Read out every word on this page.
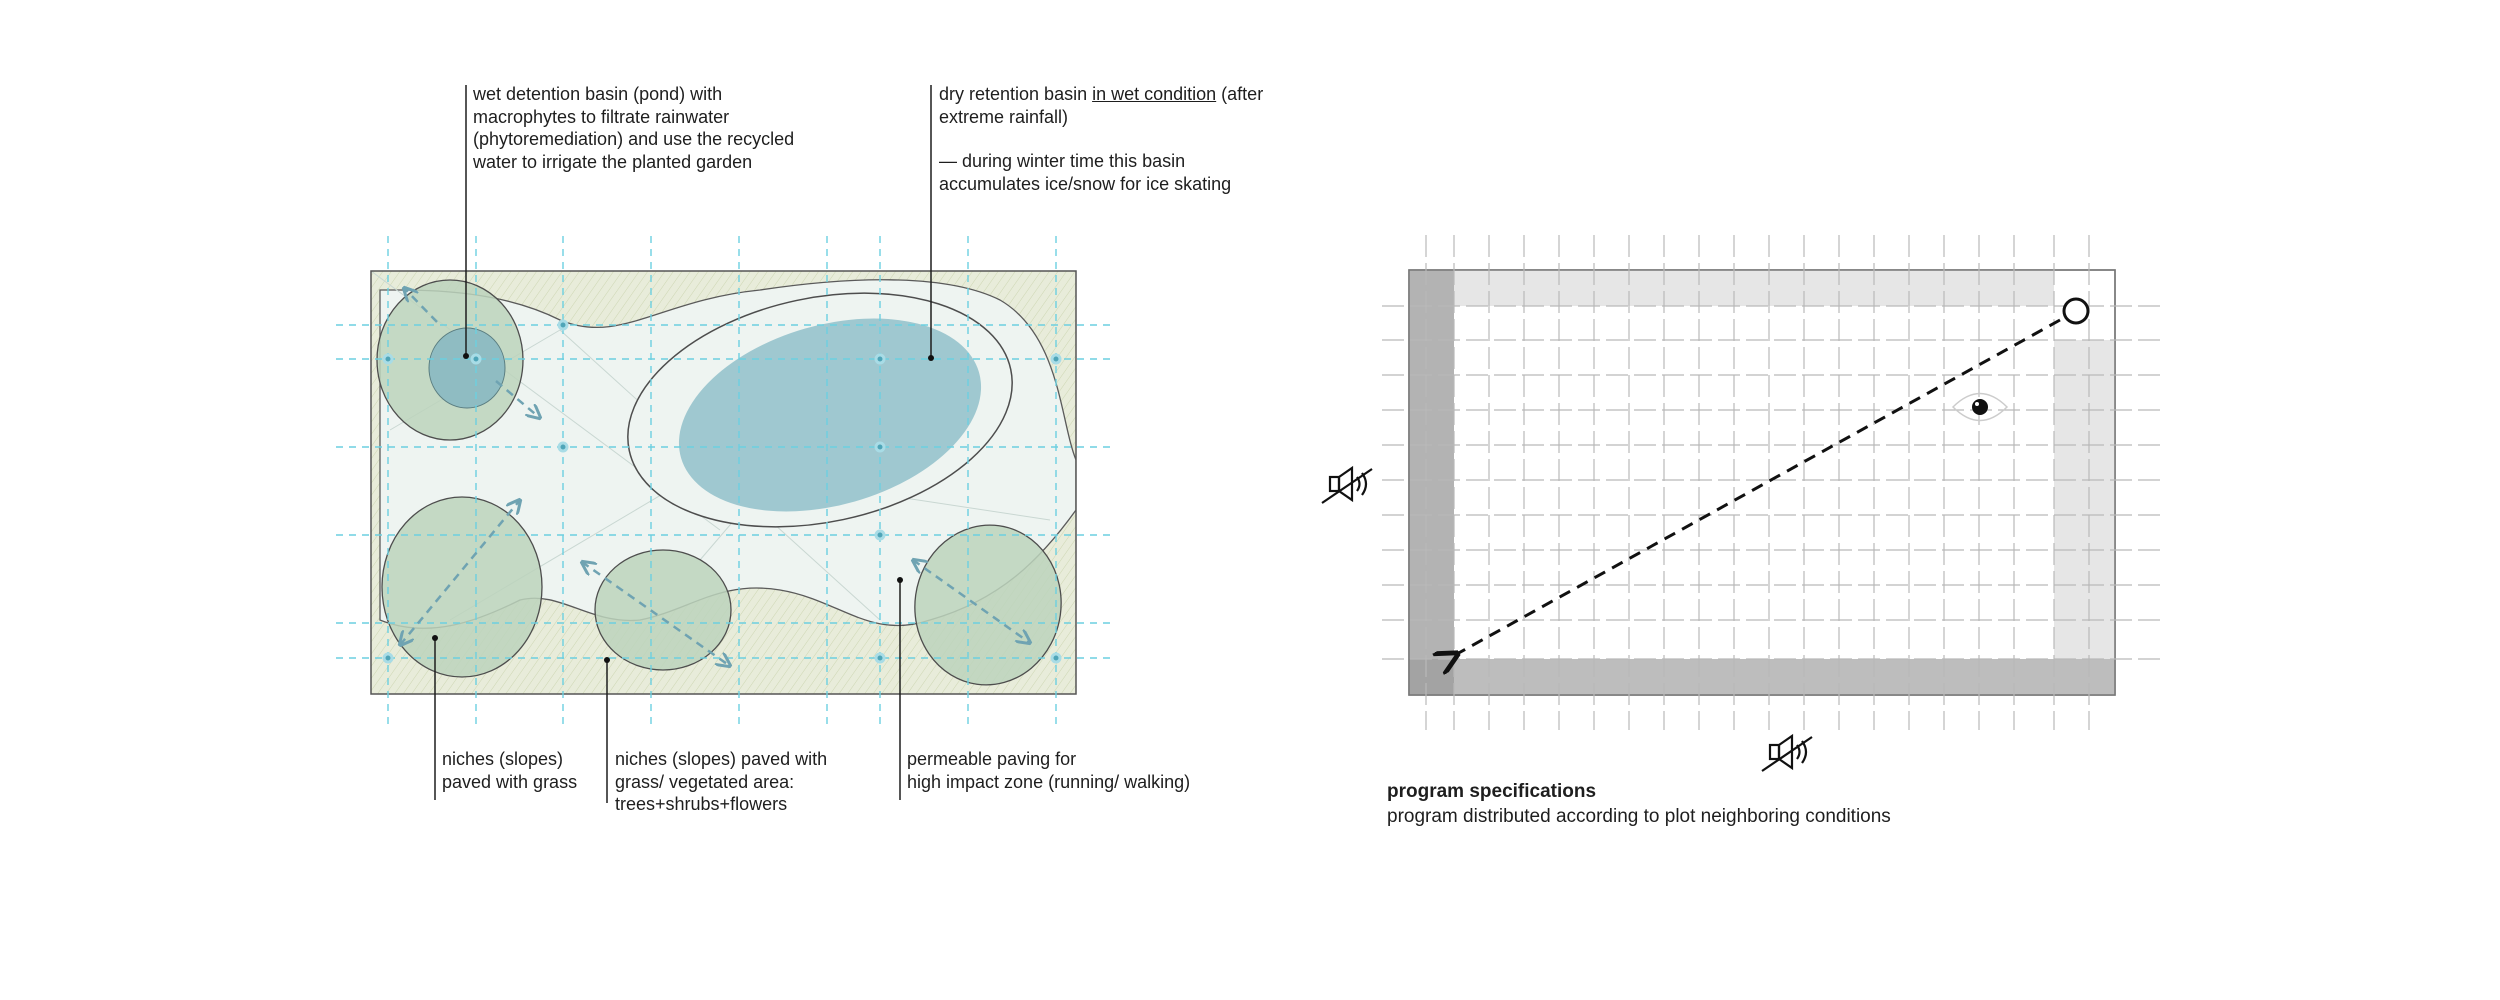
wet detention basin (pond) with
macrophytes to filtrate rainwater
(phytoremediation) and use the recycled
water to irrigate the planted garden
dry retention basin in wet condition (after
extreme rainfall)
— during winter time this basin
accumulates ice/snow for ice skating
niches (slopes)
paved with grass
niches (slopes) paved with
grass/ vegetated area:
trees+shrubs+flowers
permeable paving for
high impact zone (running/ walking)	program specifications
program distributed according to plot neighboring conditions
